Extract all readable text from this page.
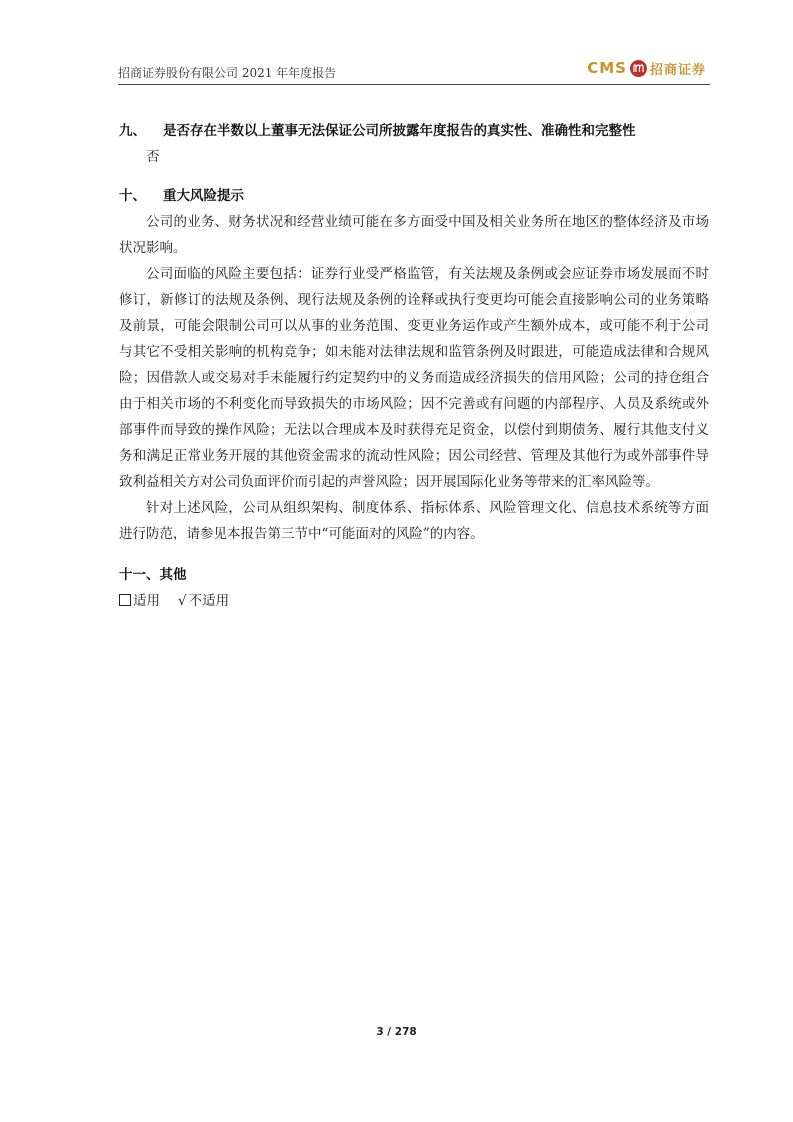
招商证券股份有限公司 2021 年年度报告	CMS 招商证券
九、 是否存在半数以上董事无法保证公司所披露年度报告的真实性、准确性和完整性

否

十、 重大风险提示

公司的业务、财务状况和经营业绩可能在多方面受中国及相关业务所在地区的整体经济及市场状况影响。

公司面临的风险主要包括：证券行业受严格监管，有关法规及条例或会应证券市场发展而不时修订，新修订的法规及条例、现行法规及条例的诠释或执行变更均可能会直接影响公司的业务策略及前景，可能会限制公司可以从事的业务范围、变更业务运作或产生额外成本，或可能不利于公司与其它不受相关影响的机构竞争；如未能对法律法规和监管条例及时跟进，可能造成法律和合规风险；因借款人或交易对手未能履行约定契约中的义务而造成经济损失的信用风险；公司的持仓组合由于相关市场的不利变化而导致损失的市场风险；因不完善或有问题的内部程序、人员及系统或外部事件而导致的操作风险；无法以合理成本及时获得充足资金，以偿付到期债务、履行其他支付义务和满足正常业务开展的其他资金需求的流动性风险；因公司经营、管理及其他行为或外部事件导致利益相关方对公司负面评价而引起的声誉风险；因开展国际化业务等带来的汇率风险等。

针对上述风险，公司从组织架构、制度体系、指标体系、风险管理文化、信息技术系统等方面进行防范，请参见本报告第三节中“可能面对的风险”的内容。

十一、其他

适用 √ 不适用

3 / 278
